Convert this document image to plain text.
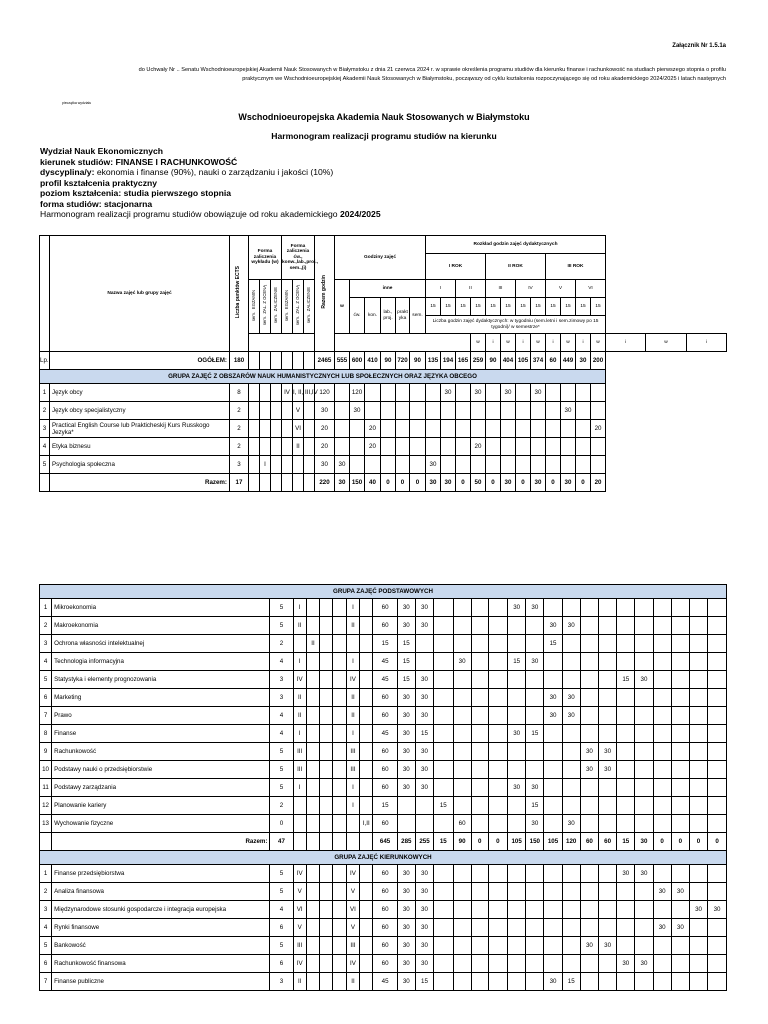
Załącznik Nr 1.5.1a
do Uchwały Nr .. Senatu Wschodnioeuropejskiej Akademii Nauk Stosowanych w Białymstoku z dnia 21 czerwca 2024 r. w sprawie określenia programu studiów dla kierunku finanse i rachunkowość na studiach pierwszego stopnia o profilu
praktycznym we Wschodnioeuropejskiej Akademii Nauk Stosowanych w Białymstoku, począwszy od cyklu kształcenia rozpoczynającego się od roku akademickiego 2024/2025 i latach następnych
pieczątka wydziału
Wschodnioeuropejska Akademia Nauk Stosowanych w Białymstoku
Harmonogram realizacji programu studiów na kierunku
Wydział Nauk Ekonomicznych
kierunek studiów: FINANSE I RACHUNKOWOŚĆ
dyscyplina/y: ekonomia i finanse (90%), nauki o zarządzaniu i jakości (10%)
profil kształcenia praktyczny
poziom kształcenia: studia pierwszego stopnia
forma studiów: stacjonarna
Harmonogram realizacji programu studiów obowiązuje od roku akademickiego 2024/2025
	Nazwa zajęć lub grupy zajęć	Liczba punktów ECTS	Forma zaliczenia wykładu (w)			Forma zaliczenia ćw., konw.,lab.,proj., sem.,(i)			Razem godzin	Godziny zajęć						Rozkład godzin zajęć dydaktycznych														
																I ROK				II ROK				III ROK						
			EGZAMINsem.	ZAL. Z OCENĄsem.	ZALICZENIEsem.	EGZAMINsem.	ZAL. Z OCENĄsem.	ZALICZENIEsem.		w	inne					I		II		III		IV		V		VI				
											ćw.	kon.	lab., proj.	prakt yka	sem.	15	15	15	15	15	15	15	15	15	15	15	15			
																Liczba godzin zajęć dydaktycznych: w tygodniu (sem.letni i sem.zimowy po 15 tygodni)/ w semestrze*														
																			w	i	w	i	w	i	w	i	w	i	w	i
Lp.	OGÓŁEM:	180							2465	555	600	410	90	720	90	135	194	165	259	90	404	105	374	60	449	30	200			
GRUPA ZAJĘĆ Z OBSZARÓW NAUK HUMANISTYCZNYCH LUB SPOŁECZNYCH ORAZ JĘZYKA OBCEGO																														
1	Język obcy	8				IV	I, II, III,IV		120		120						30		30		30		30							
2	Język obcy specjalistyczny	2					V		30		30														30					
3	Practical English Course lub Prakticheskij Kurs Russkogo Jezyka*	2					VI		20			20															20			
4	Etyka biznesu	2					II		20			20							20											
5	Psychologia społeczna	3		I					30	30						30														
	Razem:	17							220	30	150	40	0	0	0	30	30	0	50	0	30	0	30	0	30	0	20			
GRUPA ZAJĘĆ PODSTAWOWYCH																											
1	Mikroekonomia	5	I				I		60	30	30					30	30										
2	Makroekonomia	5	II				II		60	30	30							30	30								
3	Ochrona własności intelektualnej	2		II					15	15								15									
4	Technologia informacyjna	4	I				I		45	15			30			15	30										
5	Statystyka i elementy prognozowania	3	IV				IV		45	15	30											15	30				
6	Marketing	3	II				II		60	30	30							30	30								
7	Prawo	4	II				II		60	30	30							30	30								
8	Finanse	4	I				I		45	30	15					30	15										
9	Rachunkowość	5	III				III		60	30	30									30	30						
10	Podstawy nauki o przedsiębiorstwie	5	III				III		60	30	30									30	30						
11	Podstawy zarządzania	5	I				I		60	30	30					30	30										
12	Planowanie kariery	2					I		15			15					15										
13	Wychowanie fizyczne	0						I,II	60				60				30		30								
	Razem:	47							645	285	255	15	90	0	0	105	150	105	120	60	60	15	30	0	0	0	0
GRUPA ZAJĘĆ KIERUNKOWYCH																											
1	Finanse przedsiębiorstwa	5	IV				IV		60	30	30											30	30				
2	Analiza finansowa	5	V				V		60	30	30													30	30		
3	Międzynarodowe stosunki gospodarcze i integracja europejska	4	VI				VI		60	30	30															30	30
4	Rynki finansowe	6	V				V		60	30	30													30	30		
5	Bankowość	5	III				III		60	30	30									30	30						
6	Rachunkowość finansowa	6	IV				IV		60	30	30											30	30				
7	Finanse publiczne	3	II				II		45	30	15							30	15								
